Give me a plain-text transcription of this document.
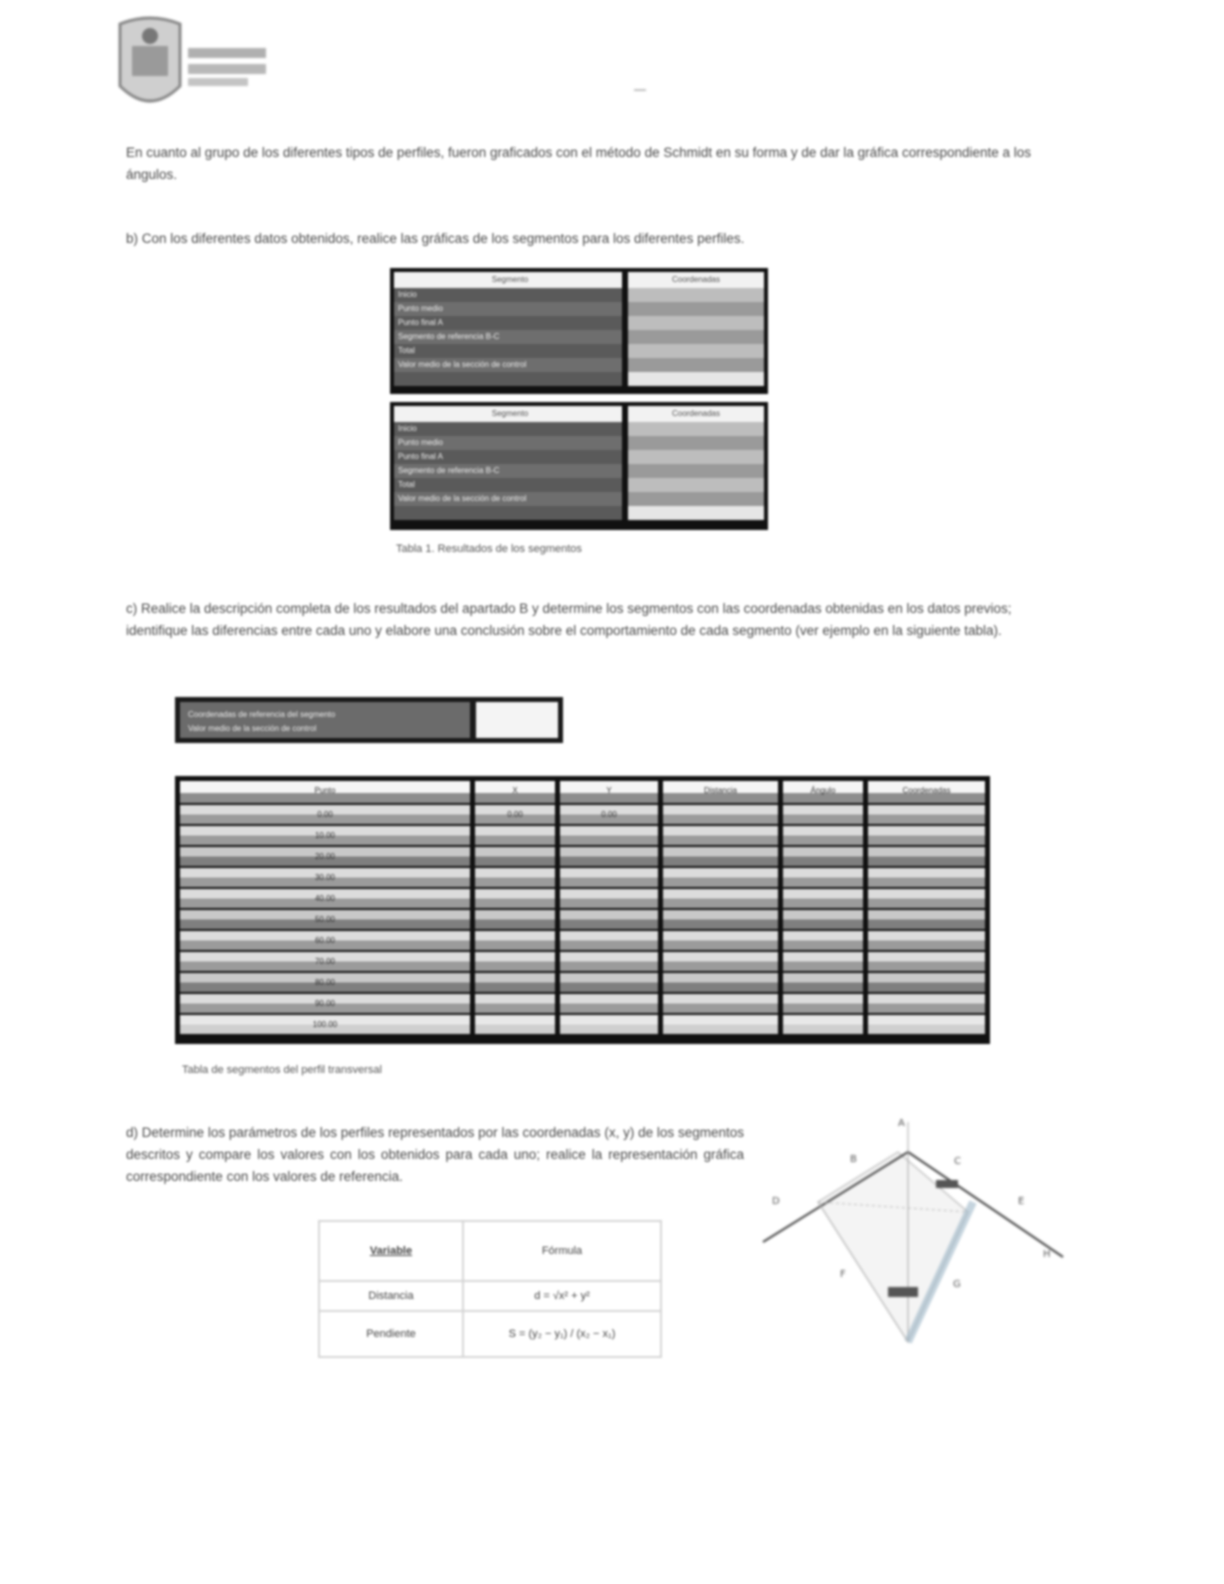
—
En cuanto al grupo de los diferentes tipos de perfiles, fueron graficados con el método de Schmidt en su forma y de dar la gráfica correspondiente a los ángulos.
b) Con los diferentes datos obtenidos, realice las gráficas de los segmentos para los diferentes perfiles.
Segmento	Coordenadas
Inicio
Punto medio
Punto final A
Segmento de referencia B-C
Total
Valor medio de la sección de control
Segmento	Coordenadas
Inicio
Punto medio
Punto final A
Segmento de referencia B-C
Total
Valor medio de la sección de control
Tabla 1. Resultados de los segmentos
c) Realice la descripción completa de los resultados del apartado B y determine los segmentos con las coordenadas obtenidas en los datos previos; identifique las diferencias entre cada uno y elabore una conclusión sobre el comportamiento de cada segmento (ver ejemplo en la siguiente tabla).
Coordenadas de referencia del segmento
Valor medio de la sección de control
Punto	X	Y	Distancia	Ángulo	Coordenadas
0.00	0.00	0.00
10.00
20.00
30.00
40.00
50.00
60.00
70.00
80.00
90.00
100.00
Tabla de segmentos del perfil transversal
d) Determine los parámetros de los perfiles representados por las coordenadas (x, y) de los segmentos descritos y compare los valores con los obtenidos para cada uno; realice la representación gráfica correspondiente con los valores de referencia.
Variable	Fórmula
Distancia	d = √x² + y²
Pendiente	S = (y₂ − y₁) / (x₂ − x₁)
A
B	C
D	E
F
G
H
